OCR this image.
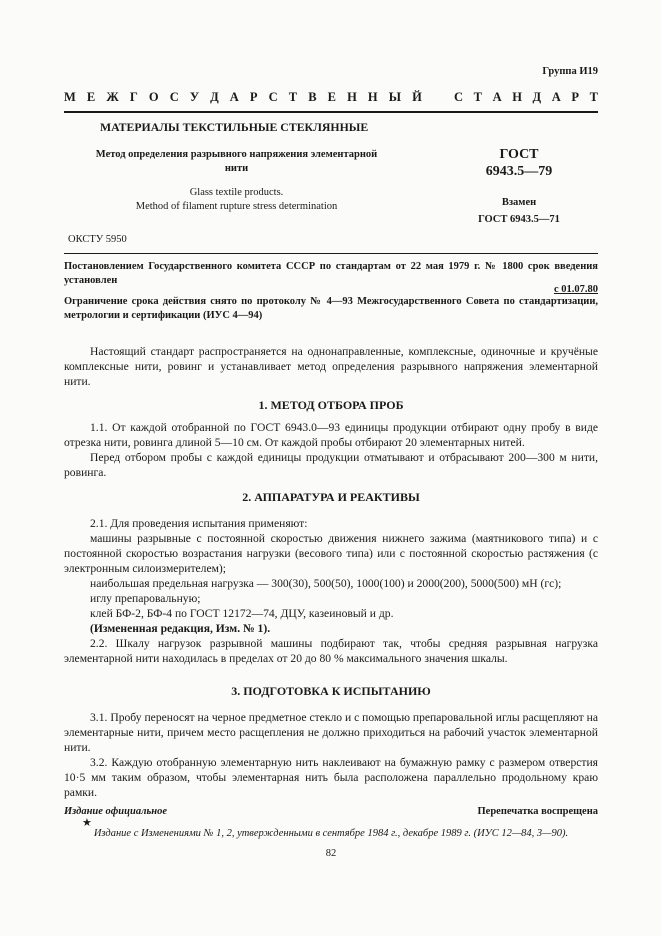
Группа И19
М Е Ж Г О С У Д А Р С Т В Е Н Н Ы Й	С Т А Н Д А Р Т
МАТЕРИАЛЫ ТЕКСТИЛЬНЫЕ СТЕКЛЯННЫЕ
Метод определения разрывного напряжения элементарной
нити
Glass textile products.
Method of filament rupture stress determination
ГОСТ
6943.5—79
Взамен
ГОСТ 6943.5—71
ОКСТУ 5950
Постановлением Государственного комитета СССР по стандартам от 22 мая 1979 г. № 1800 срок введения установлен
с 01.07.80
Ограничение срока действия снято по протоколу № 4—93 Межгосударственного Совета по стандартизации, метрологии и сертификации (ИУС 4—94)
Настоящий стандарт распространяется на однонаправленные, комплексные, одиночные и кручёные комплексные нити, ровинг и устанавливает метод определения разрывного напряжения элементарной нити.
1. МЕТОД ОТБОРА ПРОБ
1.1. От каждой отобранной по ГОСТ 6943.0—93 единицы продукции отбирают одну пробу в виде отрезка нити, ровинга длиной 5—10 см. От каждой пробы отбирают 20 элементарных нитей.
Перед отбором пробы с каждой единицы продукции отматывают и отбрасывают 200—300 м нити, ровинга.
2. АППАРАТУРА И РЕАКТИВЫ
2.1. Для проведения испытания применяют:
машины разрывные с постоянной скоростью движения нижнего зажима (маятникового типа) и с постоянной скоростью возрастания нагрузки (весового типа) или с постоянной скоростью растяжения (с электронным силоизмерителем);
наибольшая предельная нагрузка — 300(30), 500(50), 1000(100) и 2000(200), 5000(500) мН (гс);
иглу препаровальную;
клей БФ-2, БФ-4 по ГОСТ 12172—74, ДЦУ, казеиновый и др.
(Измененная редакция, Изм. № 1).
2.2. Шкалу нагрузок разрывной машины подбирают так, чтобы средняя разрывная нагрузка элементарной нити находилась в пределах от 20 до 80 % максимального значения шкалы.
3. ПОДГОТОВКА К ИСПЫТАНИЮ
3.1. Пробу переносят на черное предметное стекло и с помощью препаровальной иглы расщепляют на элементарные нити, причем место расщепления не должно приходиться на рабочий участок элементарной нити.
3.2. Каждую отобранную элементарную нить наклеивают на бумажную рамку с размером отверстия 10·5 мм таким образом, чтобы элементарная нить была расположена параллельно продольному краю рамки.
Издание официальное	Перепечатка воспрещена
★
Издание с Изменениями № 1, 2, утвержденными в сентябре 1984 г., декабре 1989 г. (ИУС 12—84, 3—90).
82
